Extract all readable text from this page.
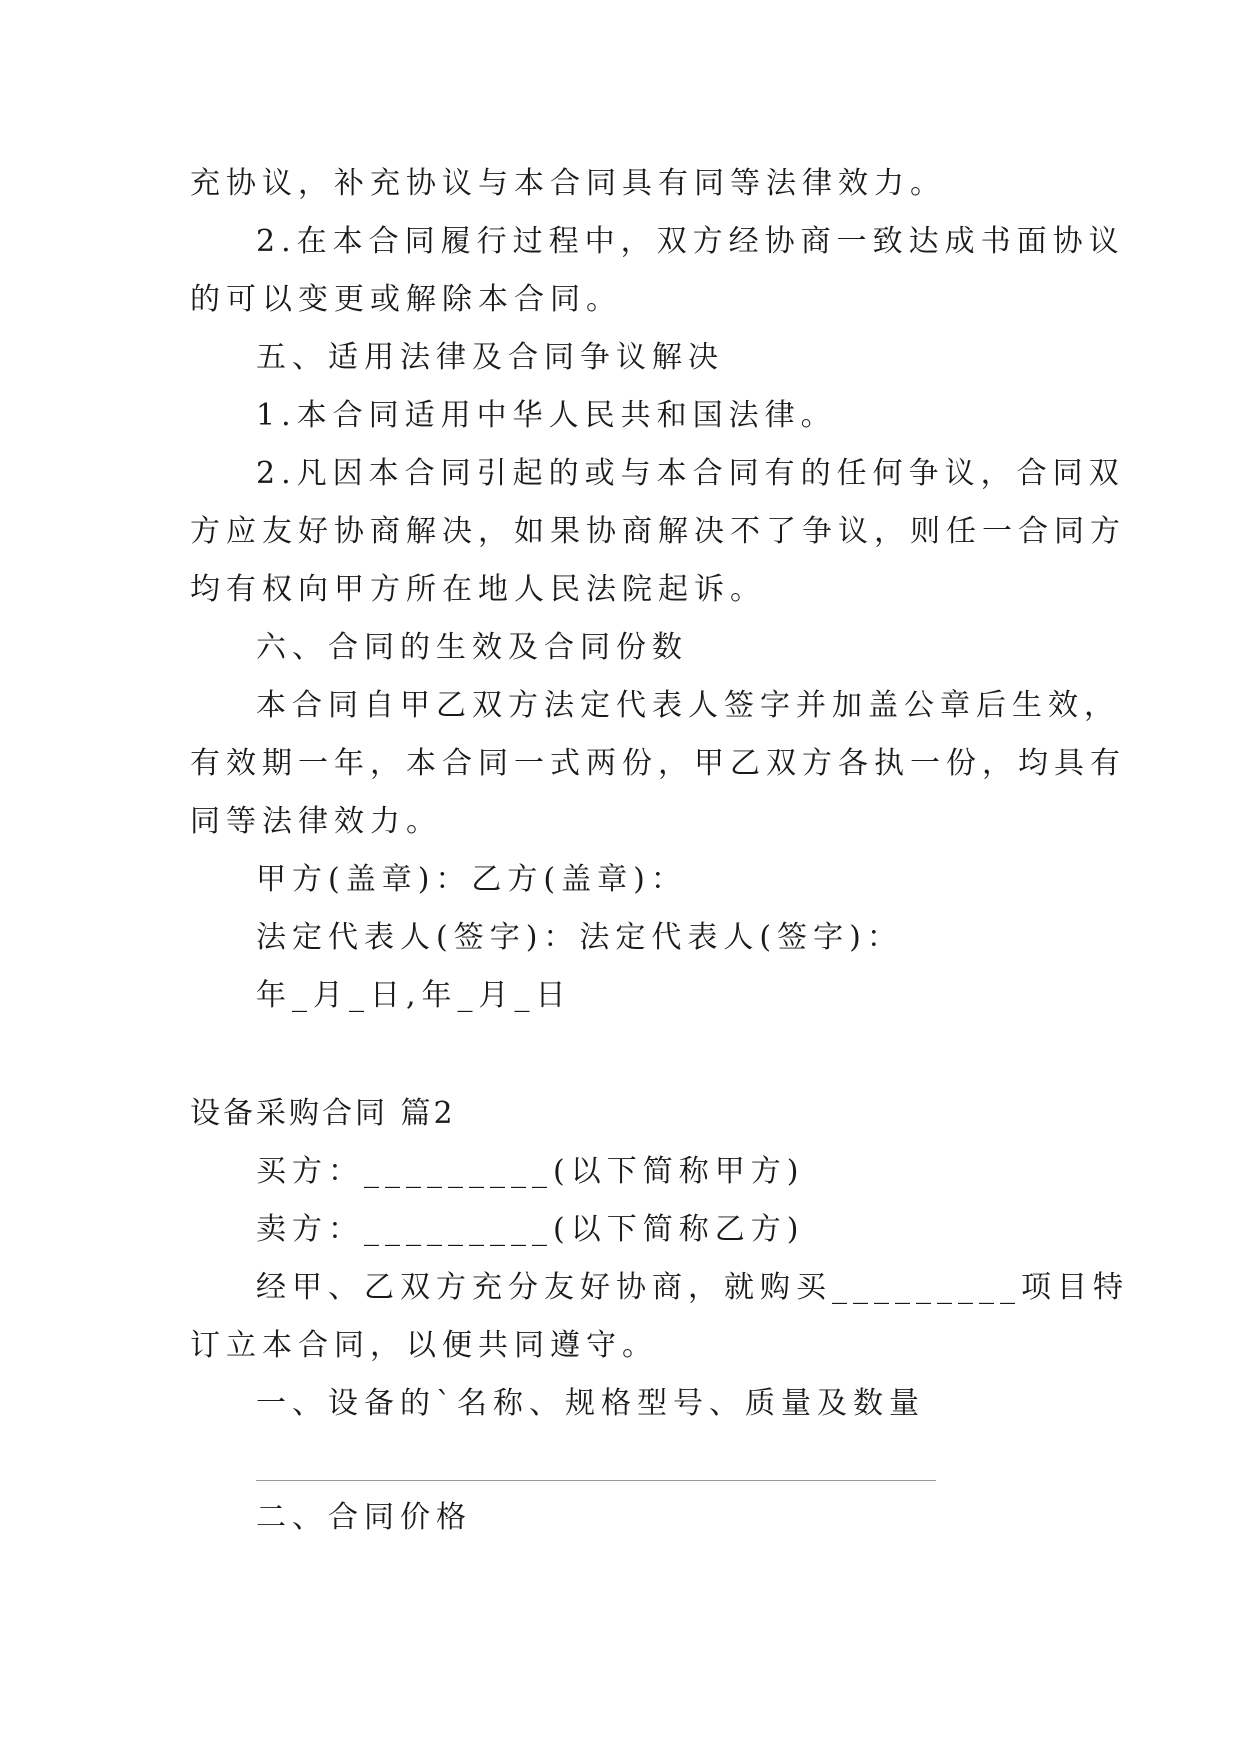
充协议，补充协议与本合同具有同等法律效力。
2.在本合同履行过程中，双方经协商一致达成书面协议
的可以变更或解除本合同。
五、适用法律及合同争议解决
1.本合同适用中华人民共和国法律。
2.凡因本合同引起的或与本合同有的任何争议，合同双
方应友好协商解决，如果协商解决不了争议，则任一合同方
均有权向甲方所在地人民法院起诉。
六、合同的生效及合同份数
本合同自甲乙双方法定代表人签字并加盖公章后生效，
有效期一年，本合同一式两份，甲乙双方各执一份，均具有
同等法律效力。
甲方(盖章)：乙方(盖章)：
法定代表人(签字)：法定代表人(签字)：
年_月_日,年_月_日
设备采购合同 篇2
买方：_________(以下简称甲方)
卖方：_________(以下简称乙方)
经甲、乙双方充分友好协商，就购买_________项目特
订立本合同，以便共同遵守。
一、设备的`名称、规格型号、质量及数量
二、合同价格
